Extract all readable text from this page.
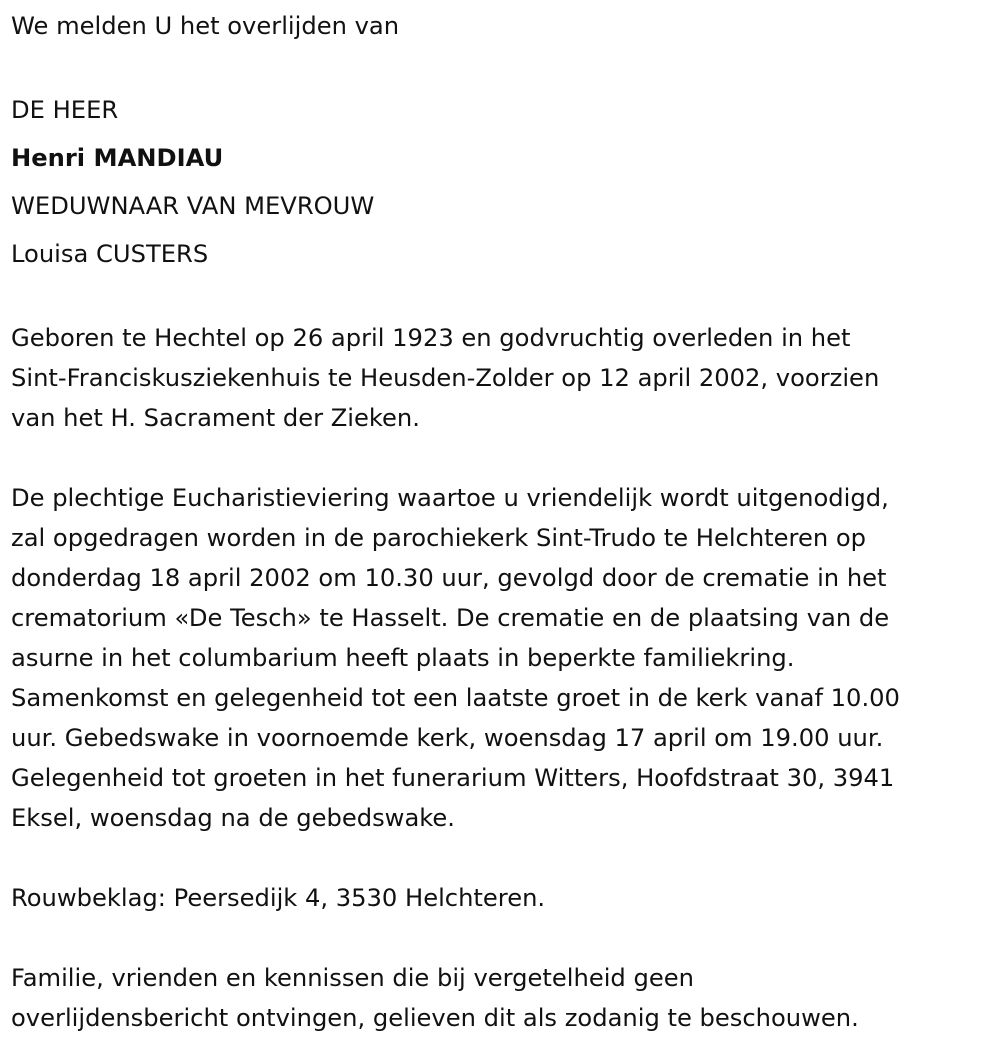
We melden U het overlijden van
DE HEER
Henri MANDIAU
WEDUWNAAR VAN MEVROUW
Louisa CUSTERS
Geboren te Hechtel op 26 april 1923 en godvruchtig overleden in het
Sint-Franciskusziekenhuis te Heusden-Zolder op 12 april 2002, voorzien
van het H. Sacrament der Zieken.
De plechtige Eucharistieviering waartoe u vriendelijk wordt uitgenodigd,
zal opgedragen worden in de parochiekerk Sint-Trudo te Helchteren op
donderdag 18 april 2002 om 10.30 uur, gevolgd door de crematie in het
crematorium «De Tesch» te Hasselt. De crematie en de plaatsing van de
asurne in het columbarium heeft plaats in beperkte familiekring.
Samenkomst en gelegenheid tot een laatste groet in de kerk vanaf 10.00
uur. Gebedswake in voornoemde kerk, woensdag 17 april om 19.00 uur.
Gelegenheid tot groeten in het funerarium Witters, Hoofdstraat 30, 3941
Eksel, woensdag na de gebedswake.
Rouwbeklag: Peersedijk 4, 3530 Helchteren.
Familie, vrienden en kennissen die bij vergetelheid geen
overlijdensbericht ontvingen, gelieven dit als zodanig te beschouwen.
